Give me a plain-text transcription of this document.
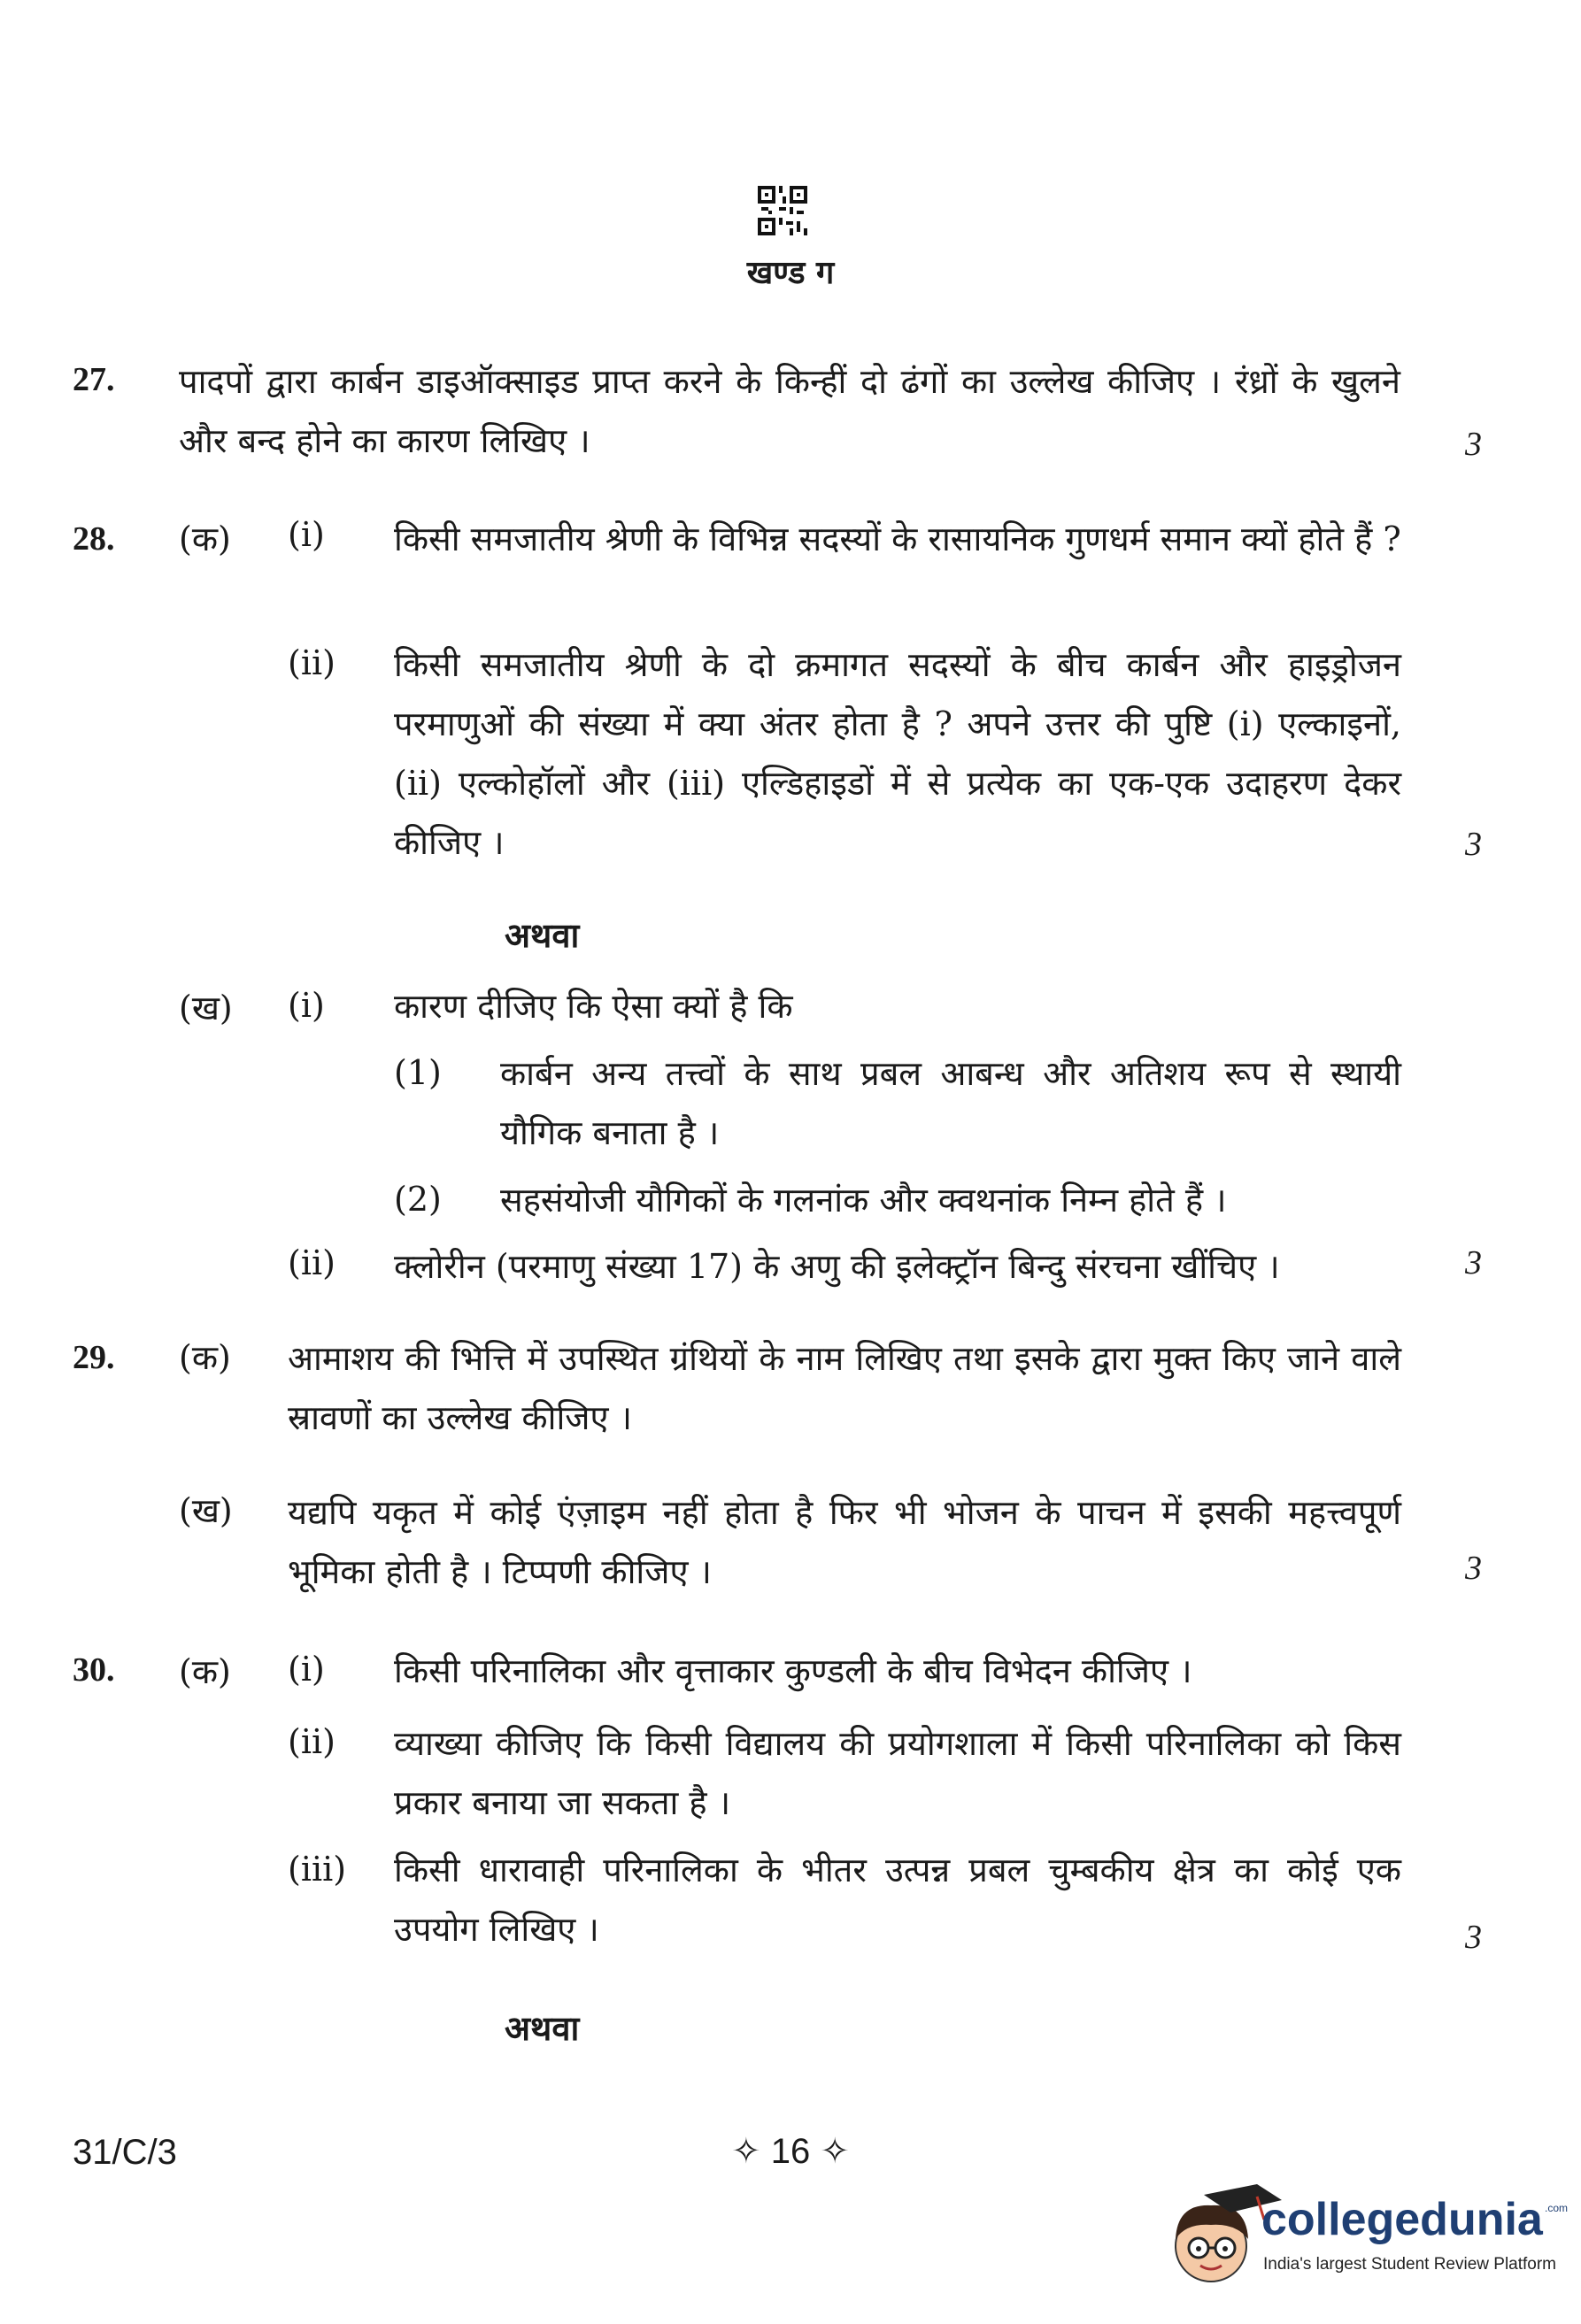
खण्ड ग
27. पादपों द्वारा कार्बन डाइऑक्साइड प्राप्त करने के किन्हीं दो ढंगों का उल्लेख कीजिए । रंध्रों के खुलने और बन्द होने का कारण लिखिए ।	3
28. (क) (i) किसी समजातीय श्रेणी के विभिन्न सदस्यों के रासायनिक गुणधर्म समान क्यों होते हैं ?
(ii) किसी समजातीय श्रेणी के दो क्रमागत सदस्यों के बीच कार्बन और हाइड्रोजन परमाणुओं की संख्या में क्या अंतर होता है ? अपने उत्तर की पुष्टि (i) एल्काइनों, (ii) एल्कोहॉलों और (iii) एल्डिहाइडों में से प्रत्येक का एक-एक उदाहरण देकर कीजिए ।	3
अथवा
(ख) (i) कारण दीजिए कि ऐसा क्यों है कि
(1) कार्बन अन्य तत्त्वों के साथ प्रबल आबन्ध और अतिशय रूप से स्थायी यौगिक बनाता है ।
(2) सहसंयोजी यौगिकों के गलनांक और क्वथनांक निम्न होते हैं ।
(ii) क्लोरीन (परमाणु संख्या 17) के अणु की इलेक्ट्रॉन बिन्दु संरचना खींचिए ।	3
29. (क) आमाशय की भित्ति में उपस्थित ग्रंथियों के नाम लिखिए तथा इसके द्वारा मुक्त किए जाने वाले स्रावणों का उल्लेख कीजिए ।
(ख) यद्यपि यकृत में कोई एंज़ाइम नहीं होता है फिर भी भोजन के पाचन में इसकी महत्त्वपूर्ण भूमिका होती है । टिप्पणी कीजिए ।	3
30. (क) (i) किसी परिनालिका और वृत्ताकार कुण्डली के बीच विभेदन कीजिए ।
(ii) व्याख्या कीजिए कि किसी विद्यालय की प्रयोगशाला में किसी परिनालिका को किस प्रकार बनाया जा सकता है ।
(iii) किसी धारावाही परिनालिका के भीतर उत्पन्न प्रबल चुम्बकीय क्षेत्र का कोई एक उपयोग लिखिए ।	3
अथवा
31/C/3	✧ 16 ✧
collegedunia .com
India's largest Student Review Platform
